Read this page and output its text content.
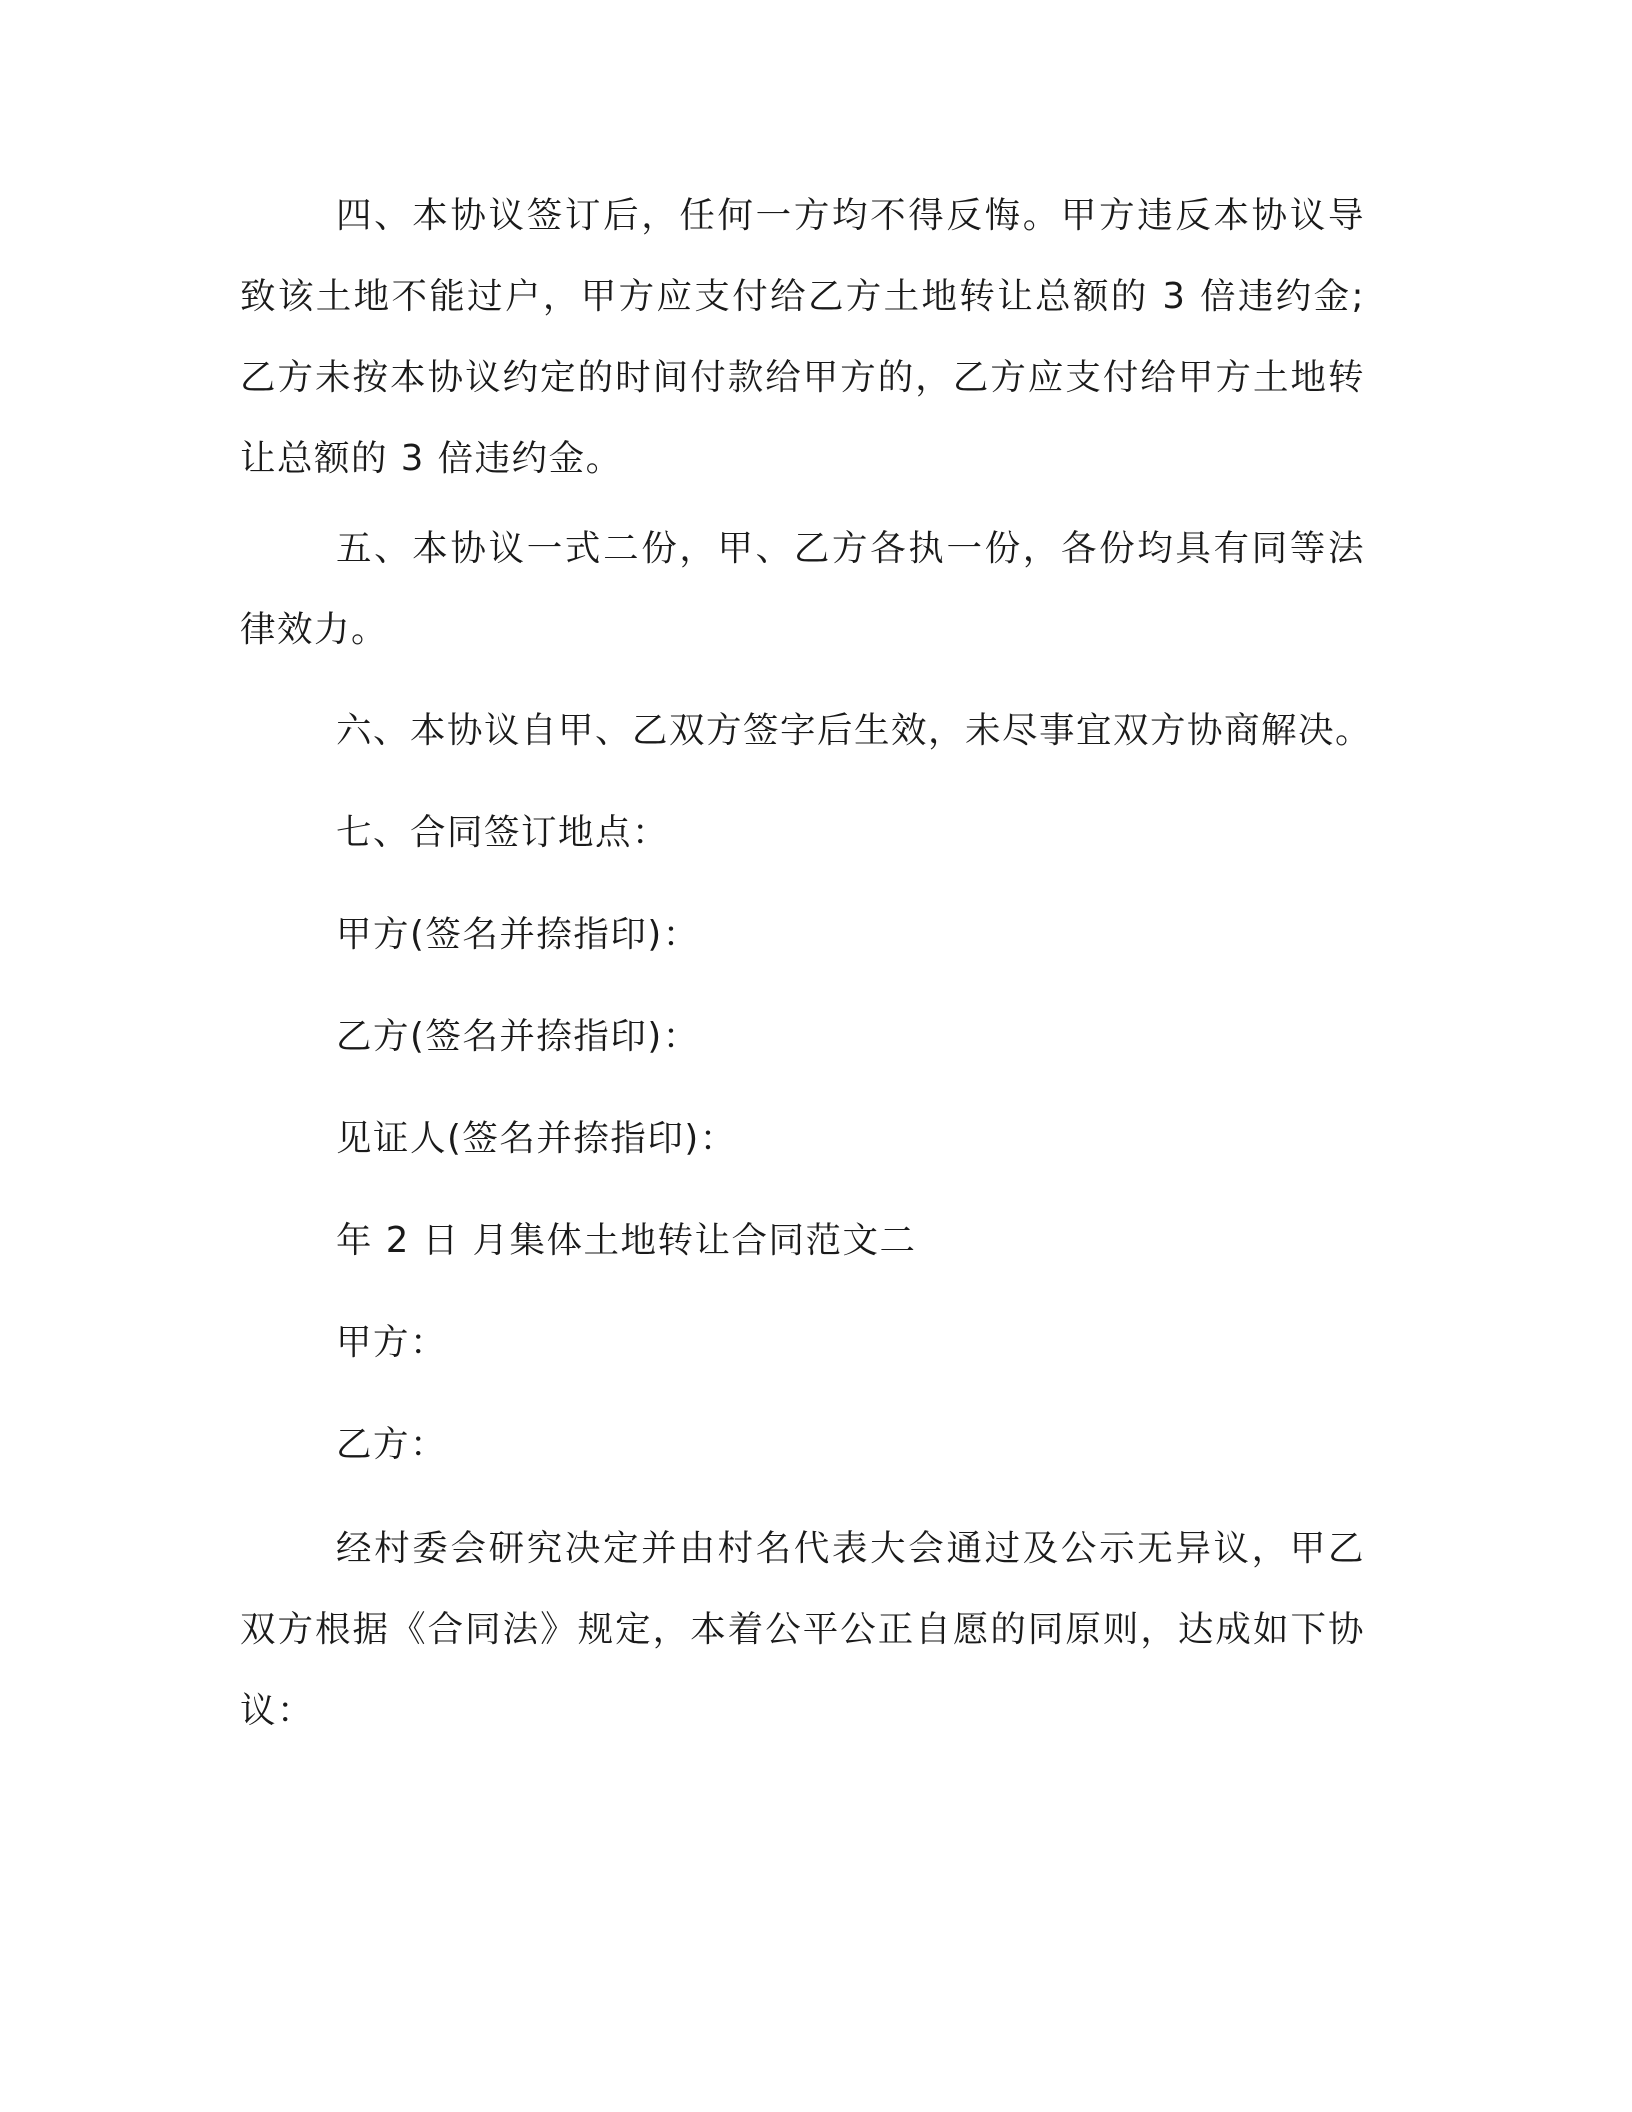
四、本协议签订后，任何一方均不得反悔。甲方违反本协议导致该土地不能过户，甲方应支付给乙方土地转让总额的 3 倍违约金;乙方未按本协议约定的时间付款给甲方的，乙方应支付给甲方土地转让总额的 3 倍违约金。

五、本协议一式二份，甲、乙方各执一份，各份均具有同等法律效力。

六、本协议自甲、乙双方签字后生效，未尽事宜双方协商解决。

七、合同签订地点：

甲方(签名并捺指印)：

乙方(签名并捺指印)：

见证人(签名并捺指印)：

年 2 日 月集体土地转让合同范文二

甲方：

乙方：

经村委会研究决定并由村名代表大会通过及公示无异议，甲乙双方根据《合同法》规定，本着公平公正自愿的同原则，达成如下协议：
